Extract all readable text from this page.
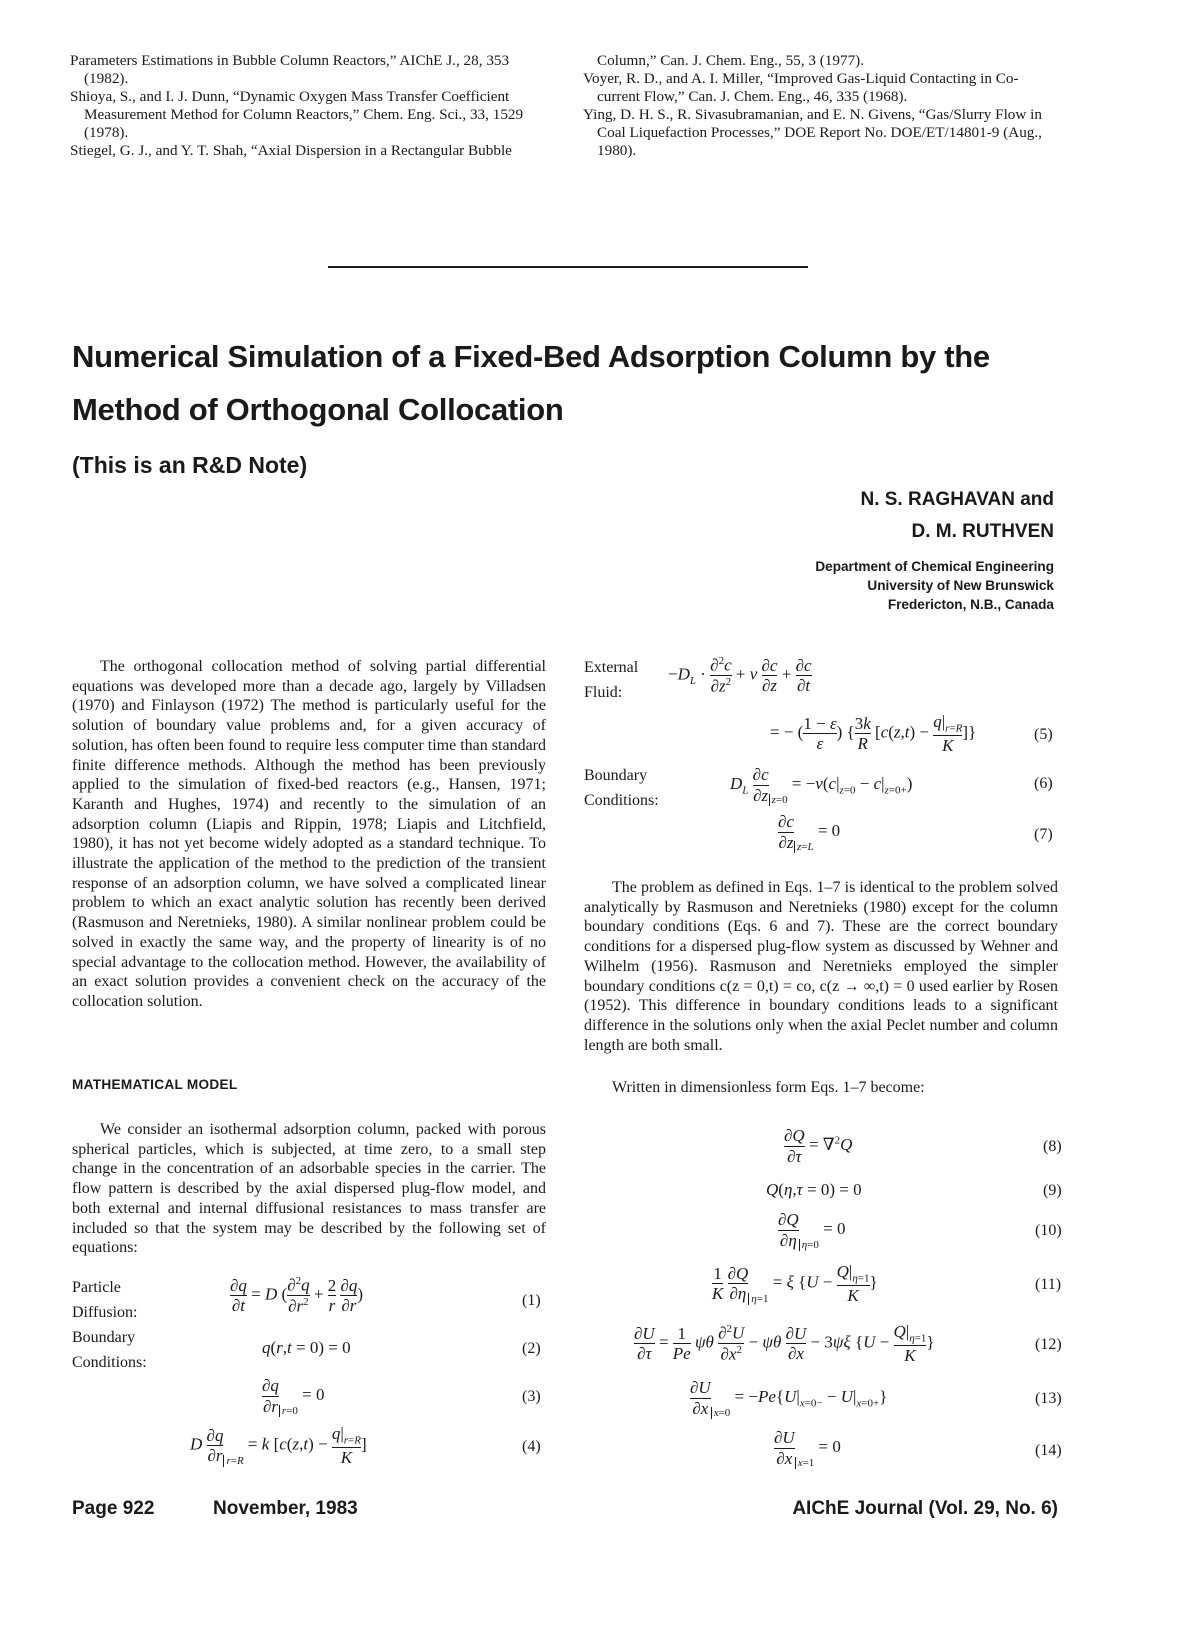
Parameters Estimations in Bubble Column Reactors,” AIChE J., 28, 353 (1982).

Shioya, S., and I. J. Dunn, “Dynamic Oxygen Mass Transfer Coefficient Measurement Method for Column Reactors,” Chem. Eng. Sci., 33, 1529 (1978).

Stiegel, G. J., and Y. T. Shah, “Axial Dispersion in a Rectangular Bubble

Column,” Can. J. Chem. Eng., 55, 3 (1977).

Voyer, R. D., and A. I. Miller, “Improved Gas-Liquid Contacting in Co-current Flow,” Can. J. Chem. Eng., 46, 335 (1968).

Ying, D. H. S., R. Sivasubramanian, and E. N. Givens, “Gas/Slurry Flow in Coal Liquefaction Processes,” DOE Report No. DOE/ET/14801-9 (Aug., 1980).

Numerical Simulation of a Fixed-Bed Adsorption Column by the
Method of Orthogonal Collocation
(This is an R&D Note)
N. S. RAGHAVAN and
D. M. RUTHVEN
Department of Chemical Engineering
University of New Brunswick
Fredericton, N.B., Canada

The orthogonal collocation method of solving partial differential equations was developed more than a decade ago, largely by Villadsen (1970) and Finlayson (1972) The method is particularly useful for the solution of boundary value problems and, for a given accuracy of solution, has often been found to require less computer time than standard finite difference methods. Although the method has been previously applied to the simulation of fixed-bed reactors (e.g., Hansen, 1971; Karanth and Hughes, 1974) and recently to the simulation of an adsorption column (Liapis and Rippin, 1978; Liapis and Litchfield, 1980), it has not yet become widely adopted as a standard technique. To illustrate the application of the method to the prediction of the transient response of an adsorption column, we have solved a complicated linear problem to which an exact analytic solution has recently been derived (Rasmuson and Neretnieks, 1980). A similar nonlinear problem could be solved in exactly the same way, and the property of linearity is of no special advantage to the collocation method. However, the availability of an exact solution provides a convenient check on the accuracy of the collocation solution.

MATHEMATICAL MODEL

We consider an isothermal adsorption column, packed with porous spherical particles, which is subjected, at time zero, to a small step change in the concentration of an adsorbable species in the carrier. The flow pattern is described by the axial dispersed plug-flow model, and both external and internal diffusional resistances to mass transfer are included so that the system may be described by the following set of equations:

Particle
Diffusion:
Boundary
Conditions:
$\frac{\partial q}{\partial t} = D$ ( $\frac{\partial^2q}{\partial r^2} + \frac{2}{r}$
$\frac{\partial q}{\partial r}$ )
q(r,t = 0) = 0
$\frac{\partial q}{\partial r} _{r=0} = 0$
D $\frac{\partial q}{\partial r} _{r=R} = k$ [$c(z,t) - \frac{q|_{r=R}}{K}$ ]
(1)
(2)
(3)
(4)
External
Fluid:
$-D_L \cdot \frac{\partial^2c}{\partial z^2} + v \frac{\partial c}{\partial z} + \frac{\partial c}{\partial t}$
= − ( $\frac{1 - \varepsilon}{\varepsilon}$ ) { $\frac{3k}{R} [c(z,t) - \frac{q|_{r=R}}{K}$ ]}	(5)
Boundary
Conditions:
$D_L \frac{\partial c}{\partial z} _{z=0} = -v(c|_{z=0} - c|_{z=0+})$	(6)
$\frac{\partial c}{\partial z} _{z=L} = 0$	(7)

The problem as defined in Eqs. 1–7 is identical to the problem solved analytically by Rasmuson and Neretnieks (1980) except for the column boundary conditions (Eqs. 6 and 7). These are the correct boundary conditions for a dispersed plug-flow system as discussed by Wehner and Wilhelm (1956). Rasmuson and Neretnieks employed the simpler boundary conditions c(z = 0,t) = co, c(z → ∞,t) = 0 used earlier by Rosen (1952). This difference in boundary conditions leads to a significant difference in the solutions only when the axial Peclet number and column length are both small.

Written in dimensionless form Eqs. 1–7 become:

$\frac{\partial Q}{\partial\tau} = \nabla^2Q$	(8)
Q(η,τ = 0) = 0	(9)
$\frac{\partial Q}{\partial\eta} _{\eta=0} = 0$	(10)
$\frac{1}{K}$
$\frac{\partial Q}{\partial\eta} _{\eta=1} = \xi$ {$U - \frac{Q|_{\eta=1}}{K}$ }	(11)
$\frac{\partial U}{\partial\tau} = \frac{1}{Pe}$ ψθ $\frac{\partial^2U}{\partial x^2} - \psi\theta \frac{\partial U}{\partial x} - 3\psi\xi$ {$U - \frac{Q|_{\eta=1}}{K}$ }	(12)
$\frac{\partial U}{\partial x} _{x=0} = -Pe\{U|_{x=0-} - U|_{x=0+}\}$	(13)
$\frac{\partial U}{\partial x} _{x=1} = 0$	(14)
Page 922	November, 1983	AIChE Journal (Vol. 29, No. 6)
